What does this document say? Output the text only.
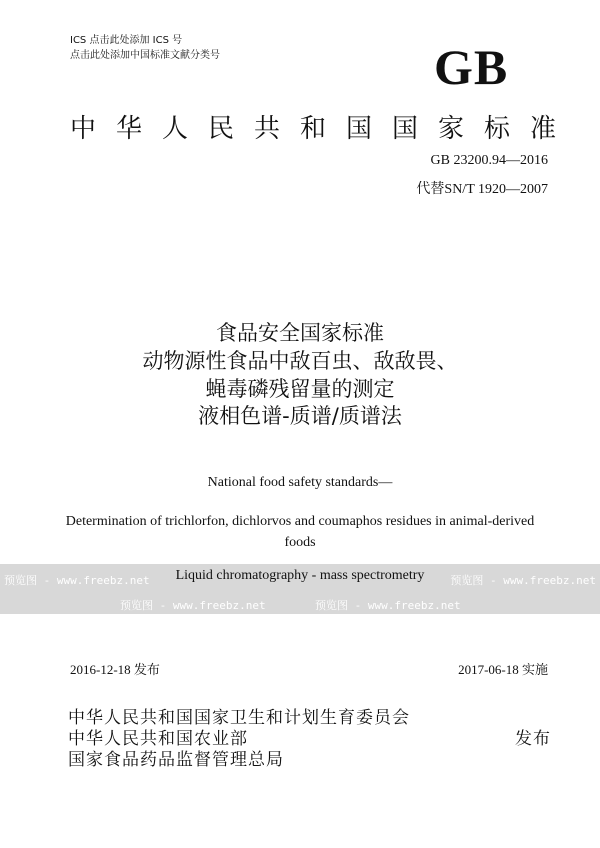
ICS 点击此处添加 ICS 号
点击此处添加中国标准文献分类号	GB
中华人民共和国国家标准
GB 23200.94—2016
代替SN/T 1920—2007
食品安全国家标准
动物源性食品中敌百虫、敌敌畏、
蝇毒磷残留量的测定
液相色谱-质谱/质谱法
National food safety standards—
Determination of trichlorfon, dichlorvos and coumaphos residues in animal-derived
foods
预览图 - www.freebz.net
预览图 - www.freebz.net	预览图 - www.freebz.net
预览图 - www.freebz.net
Liquid chromatography - mass spectrometry
2016-12-18 发布	2017-06-18 实施
中华人民共和国国家卫生和计划生育委员会
中华人民共和国农业部
国家食品药品监督管理总局
发布
